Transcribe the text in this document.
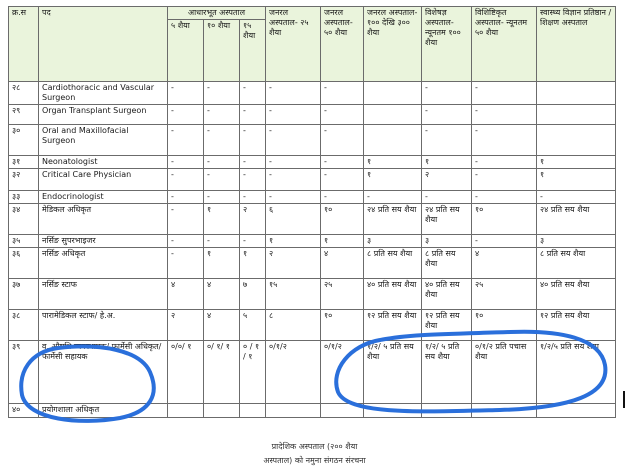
क्र.स	पद	आधारभूत अस्पताल			जनरल अस्पताल- २५ शैया	जनरल अस्पताल- ५० शैया	जनरल अस्पताल- १०० देखि ३०० शैया	विशेषज्ञ अस्पताल- न्यूनतम १०० शैया	विशिष्टिकृत अस्पताल- न्यूनतम ५० शैया	स्वास्थ्य विज्ञान प्रतिष्ठान / शिक्षण अस्पताल
		५ शैया	१० शैया	१५ शैया						
२८	Cardiothoracic and Vascular Surgeon	-	-	-	-	-		-	-	
२९	Organ Transplant Surgeon	-	-	-	-	-		-	-	
३०	Oral and Maxillofacial Surgeon	-	-	-	-	-		-	-	
३१	Neonatologist	-	-	-	-	-	१	१	-	१
३२	Critical Care Physician	-	-	-	-	-	१	२	-	१
३३	Endocrinologist	-	-	-	-	-	-	-	-	-
३४	मेडिकल अधिकृत	-	१	२	६	१०	२४ प्रति सय शैया	२४ प्रति सय शैया	१०	२४ प्रति सय शैया
३५	नर्सिङ सुपरभाइजर	-	-	-	१	१	३	३	-	३
३६	नर्सिङ अधिकृत	-	१	१	२	४	८ प्रति सय शैया	८ प्रति सय शैया	४	८ प्रति सय शैया
३७	नर्सिङ स्टाफ	४	४	७	१५	२५	४० प्रति सय शैया	४० प्रति सय शैया	२५	४० प्रति सय शैया
३८	पारामेडिकल स्टाफ/ हे.अ.	२	४	५	८	१०	१२ प्रति सय शैया	१२ प्रति सय शैया	१०	१२ प्रति सय शैया
३९	व. औषधि व्यवस्थापक/ फार्मेसी अधिकृत/ फार्मेसी सहायक	०/०/ १	०/ १/ १	० / १ / १	०/१/२	०/१/२	१/२/ ५ प्रति सय शैया	१/२/ ५ प्रति सय शैया	०/१/२ प्रति पचास शैया	१/२/५ प्रति सय शैया
४०	प्रयोगशाला अधिकृत									
प्रादेशिक अस्पताल (२०० शैया
अस्पताल) को नमुना संगठन संरचना
